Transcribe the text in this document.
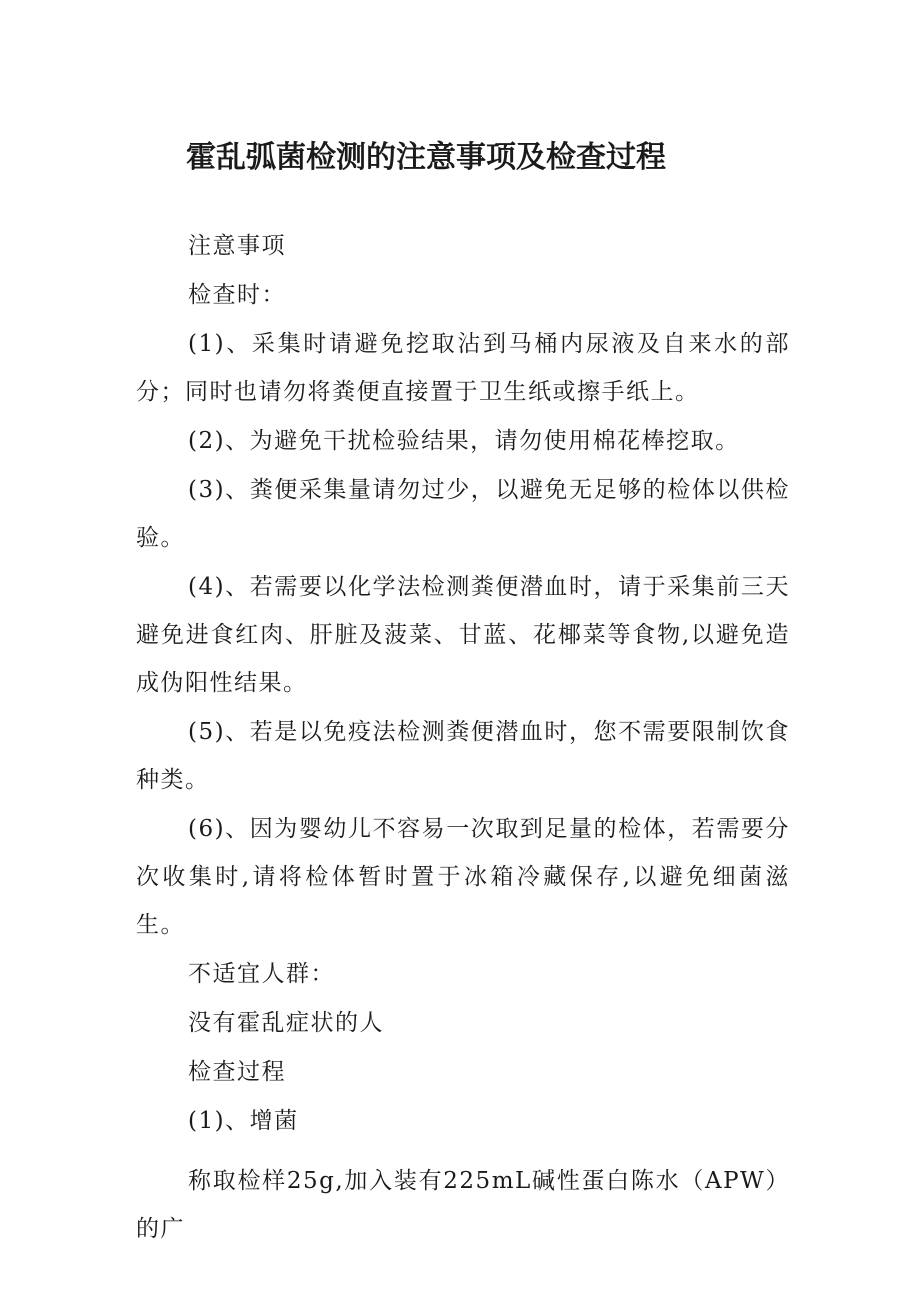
霍乱弧菌检测的注意事项及检查过程

注意事项

检查时：

(1)、采集时请避免挖取沾到马桶内尿液及自来水的部分；同时也请勿将粪便直接置于卫生纸或擦手纸上。

(2)、为避免干扰检验结果，请勿使用棉花棒挖取。

(3)、粪便采集量请勿过少，以避免无足够的检体以供检验。

(4)、若需要以化学法检测粪便潜血时，请于采集前三天避免进食红肉、肝脏及菠菜、甘蓝、花椰菜等食物,以避免造成伪阳性结果。

(5)、若是以免疫法检测粪便潜血时，您不需要限制饮食种类。

(6)、因为婴幼儿不容易一次取到足量的检体，若需要分次收集时,请将检体暂时置于冰箱冷藏保存,以避免细菌滋生。

不适宜人群：

没有霍乱症状的人

检查过程

(1)、增菌

称取检样25g,加入装有225mL碱性蛋白陈水（APW）的广
